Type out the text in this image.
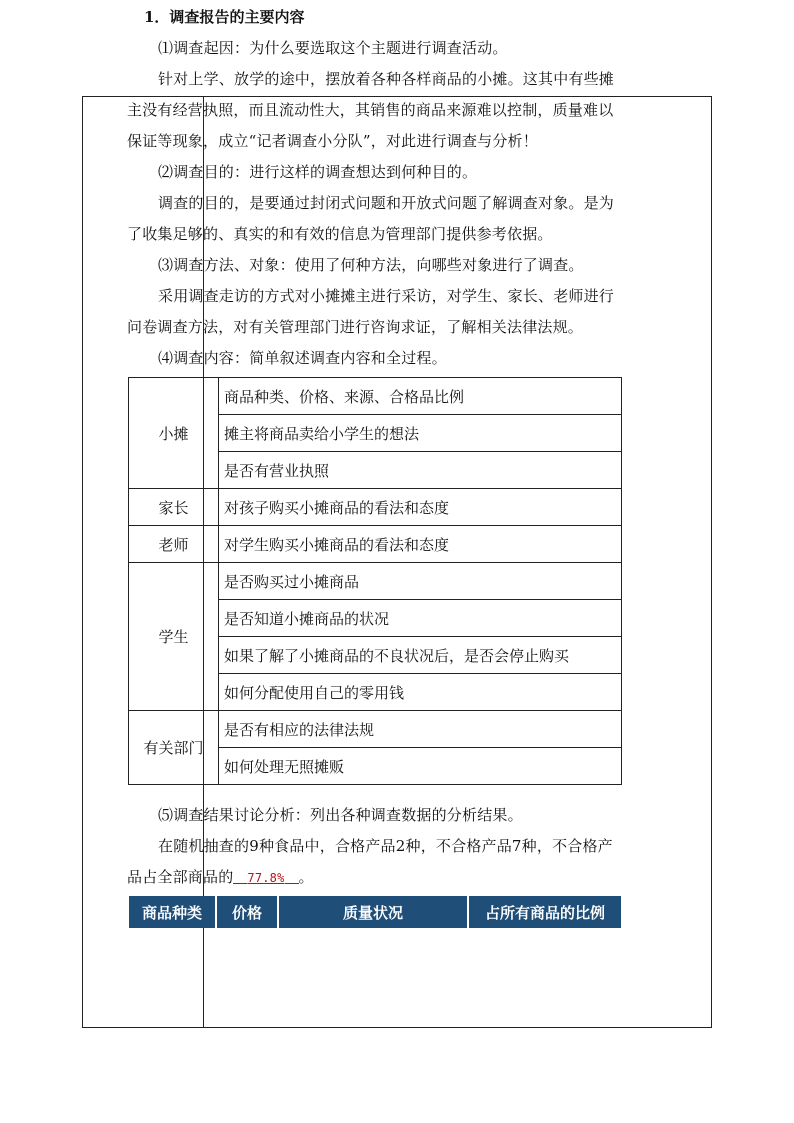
1．调查报告的主要内容

⑴调查起因：为什么要选取这个主题进行调查活动。

针对上学、放学的途中，摆放着各种各样商品的小摊。这其中有些摊主没有经营执照，而且流动性大，其销售的商品来源难以控制，质量难以保证等现象，成立“记者调查小分队”，对此进行调查与分析！

⑵调查目的：进行这样的调查想达到何种目的。

调查的目的，是要通过封闭式问题和开放式问题了解调查对象。是为了收集足够的、真实的和有效的信息为管理部门提供参考依据。

⑶调查方法、对象：使用了何种方法，向哪些对象进行了调查。

采用调查走访的方式对小摊摊主进行采访，对学生、家长、老师进行问卷调查方法，对有关管理部门进行咨询求证，了解相关法律法规。

⑷调查内容：简单叙述调查内容和全过程。

小摊	商品种类、价格、来源、合格品比例
	摊主将商品卖给小学生的想法
	是否有营业执照
家长	对孩子购买小摊商品的看法和态度
老师	对学生购买小摊商品的看法和态度
学生	是否购买过小摊商品
	是否知道小摊商品的状况
	如果了解了小摊商品的不良状况后，是否会停止购买
	如何分配使用自己的零用钱
有关部门	是否有相应的法律法规
	如何处理无照摊贩

⑸调查结果讨论分析：列出各种调查数据的分析结果。

在随机抽查的9种食品中，合格产品2种，不合格产品7种，不合格产品占全部商品的 77.8% 。

商品种类	价格	质量状况	占所有商品的比例
